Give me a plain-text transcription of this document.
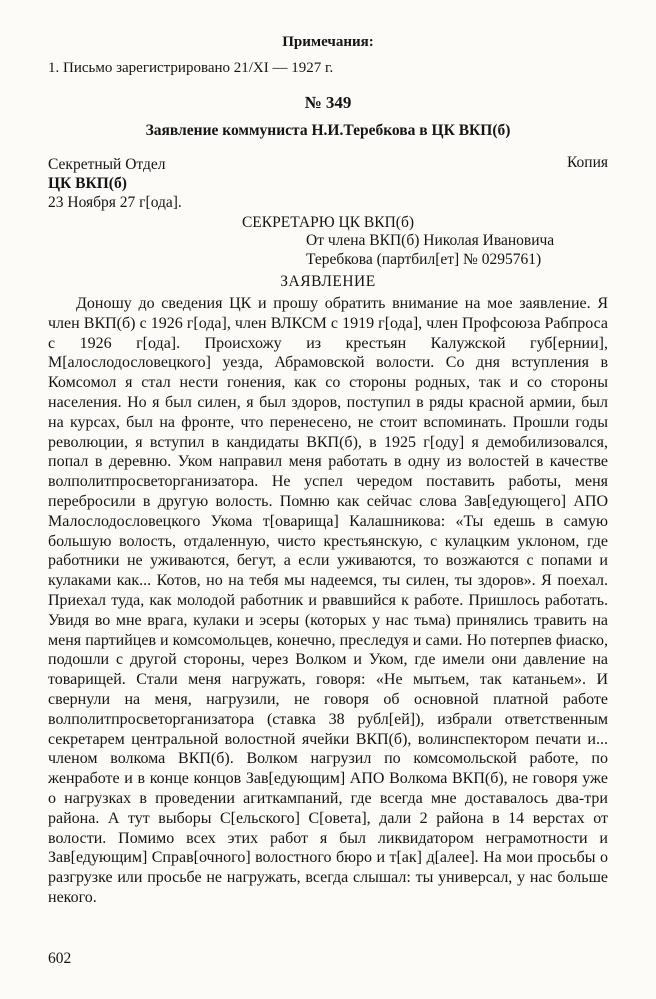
Примечания:
1. Письмо зарегистрировано 21/XI — 1927 г.
№ 349
Заявление коммуниста Н.И.Теребкова в ЦК ВКП(б)
Секретный Отдел
ЦК ВКП(б)
23 Ноября 27 г[ода].
Копия
СЕКРЕТАРЮ ЦК ВКП(б)
От члена ВКП(б) Николая Ивановича
Теребкова (партбил[ет] № 0295761)
ЗАЯВЛЕНИЕ

Доношу до сведения ЦК и прошу обратить внимание на мое заявление. Я член ВКП(б) с 1926 г[ода], член ВЛКСМ с 1919 г[ода], член Профсоюза Рабпроса с 1926 г[ода]. Происхожу из крестьян Калужской губ[ернии], М[алослодословецкого] уезда, Абрамовской волости. Со дня вступления в Комсомол я стал нести гонения, как со стороны родных, так и со стороны населения. Но я был силен, я был здоров, поступил в ряды красной армии, был на курсах, был на фронте, что перенесено, не стоит вспоминать. Прошли годы революции, я вступил в кандидаты ВКП(б), в 1925 г[оду] я демобилизовался, попал в деревню. Уком направил меня работать в одну из волостей в качестве волполитпросветорганизатора. Не успел чередом поставить работы, меня перебросили в другую волость. Помню как сейчас слова Зав[едующего] АПО Малослодословецкого Укома т[оварища] Калашникова: «Ты едешь в самую большую волость, отдаленную, чисто крестьянскую, с кулацким уклоном, где работники не уживаются, бегут, а если уживаются, то возжаются с попами и кулаками как... Котов, но на тебя мы надеемся, ты силен, ты здоров». Я поехал. Приехал туда, как молодой работник и рвавшийся к работе. Пришлось работать. Увидя во мне врага, кулаки и эсеры (которых у нас тьма) принялись травить на меня партийцев и комсомольцев, конечно, преследуя и сами. Но потерпев фиаско, подошли с другой стороны, через Волком и Уком, где имели они давление на товарищей. Стали меня нагружать, говоря: «Не мытьем, так катаньем». И свернули на меня, нагрузили, не говоря об основной платной работе волполитпросветорганизатора (ставка 38 рубл[ей]), избрали ответственным секретарем центральной волостной ячейки ВКП(б), волинспектором печати и... членом волкома ВКП(б). Волком нагрузил по комсомольской работе, по женработе и в конце концов Зав[едующим] АПО Волкома ВКП(б), не говоря уже о нагрузках в проведении агиткампаний, где всегда мне доставалось два-три района. А тут выборы С[ельского] С[овета], дали 2 района в 14 верстах от волости. Помимо всех этих работ я был ликвидатором неграмотности и Зав[едующим] Справ[очного] волостного бюро и т[ак] д[алее]. На мои просьбы о разгрузке или просьбе не нагружать, всегда слышал: ты универсал, у нас больше некого.

602
